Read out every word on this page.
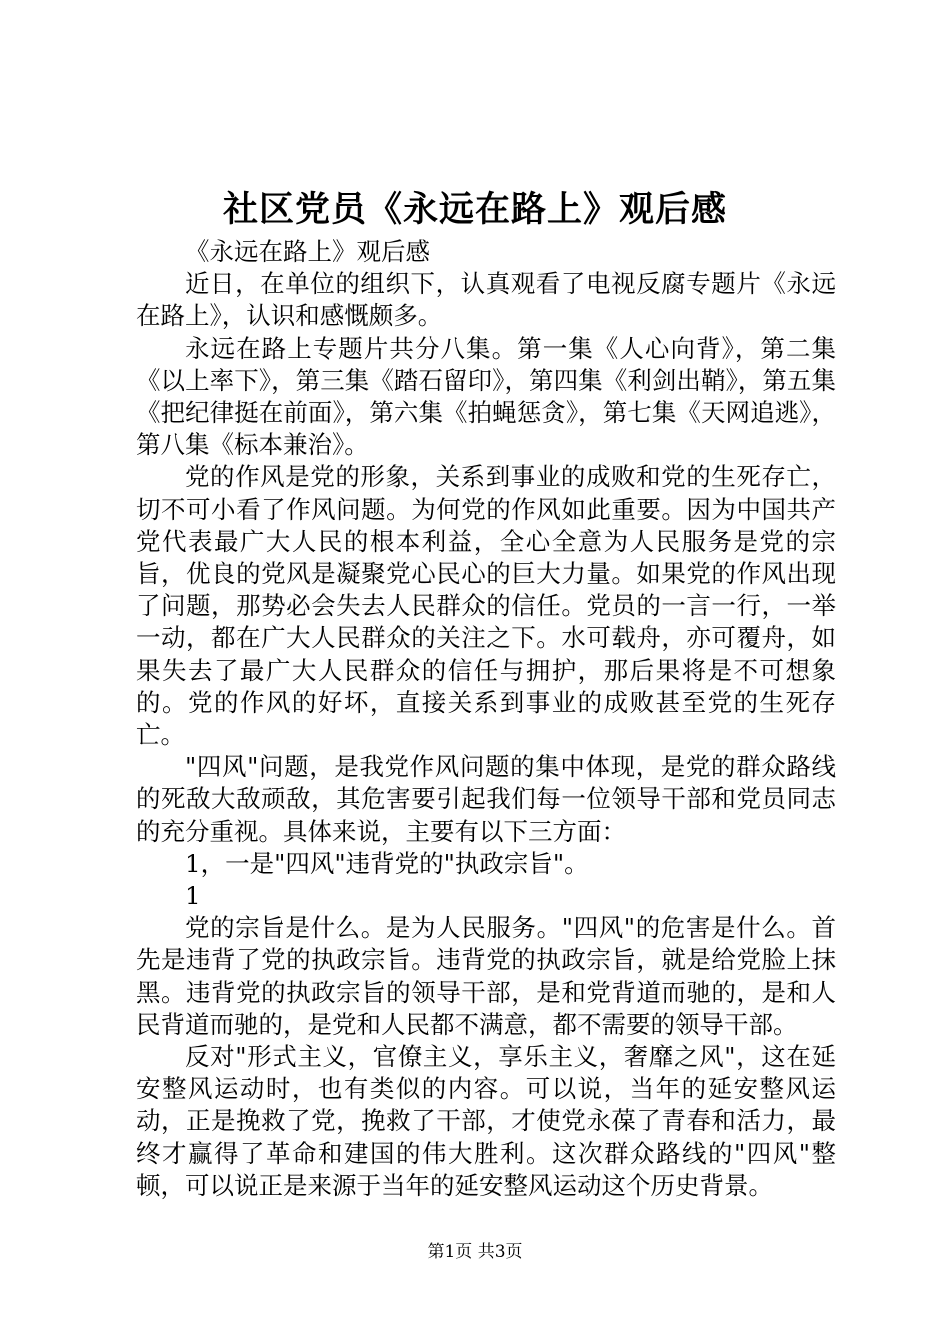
社区党员《永远在路上》观后感

《永远在路上》观后感

近日，在单位的组织下，认真观看了电视反腐专题片《永远在路上》，认识和感慨颇多。

永远在路上专题片共分八集。第一集《人心向背》，第二集《以上率下》，第三集《踏石留印》，第四集《利剑出鞘》，第五集《把纪律挺在前面》，第六集《拍蝇惩贪》，第七集《天网追逃》，第八集《标本兼治》。

党的作风是党的形象，关系到事业的成败和党的生死存亡，切不可小看了作风问题。为何党的作风如此重要。因为中国共产党代表最广大人民的根本利益，全心全意为人民服务是党的宗旨，优良的党风是凝聚党心民心的巨大力量。如果党的作风出现了问题，那势必会失去人民群众的信任。党员的一言一行，一举一动，都在广大人民群众的关注之下。水可载舟，亦可覆舟，如果失去了最广大人民群众的信任与拥护，那后果将是不可想象的。党的作风的好坏，直接关系到事业的成败甚至党的生死存亡。

"四风"问题，是我党作风问题的集中体现，是党的群众路线的死敌大敌顽敌，其危害要引起我们每一位领导干部和党员同志的充分重视。具体来说，主要有以下三方面：

1，一是"四风"违背党的"执政宗旨"。

1

党的宗旨是什么。是为人民服务。"四风"的危害是什么。首先是违背了党的执政宗旨。违背党的执政宗旨，就是给党脸上抹黑。违背党的执政宗旨的领导干部，是和党背道而驰的，是和人民背道而驰的，是党和人民都不满意，都不需要的领导干部。

反对"形式主义，官僚主义，享乐主义，奢靡之风"，这在延安整风运动时，也有类似的内容。可以说，当年的延安整风运动，正是挽救了党，挽救了干部，才使党永葆了青春和活力，最终才赢得了革命和建国的伟大胜利。这次群众路线的"四风"整顿，可以说正是来源于当年的延安整风运动这个历史背景。

第1页 共3页
